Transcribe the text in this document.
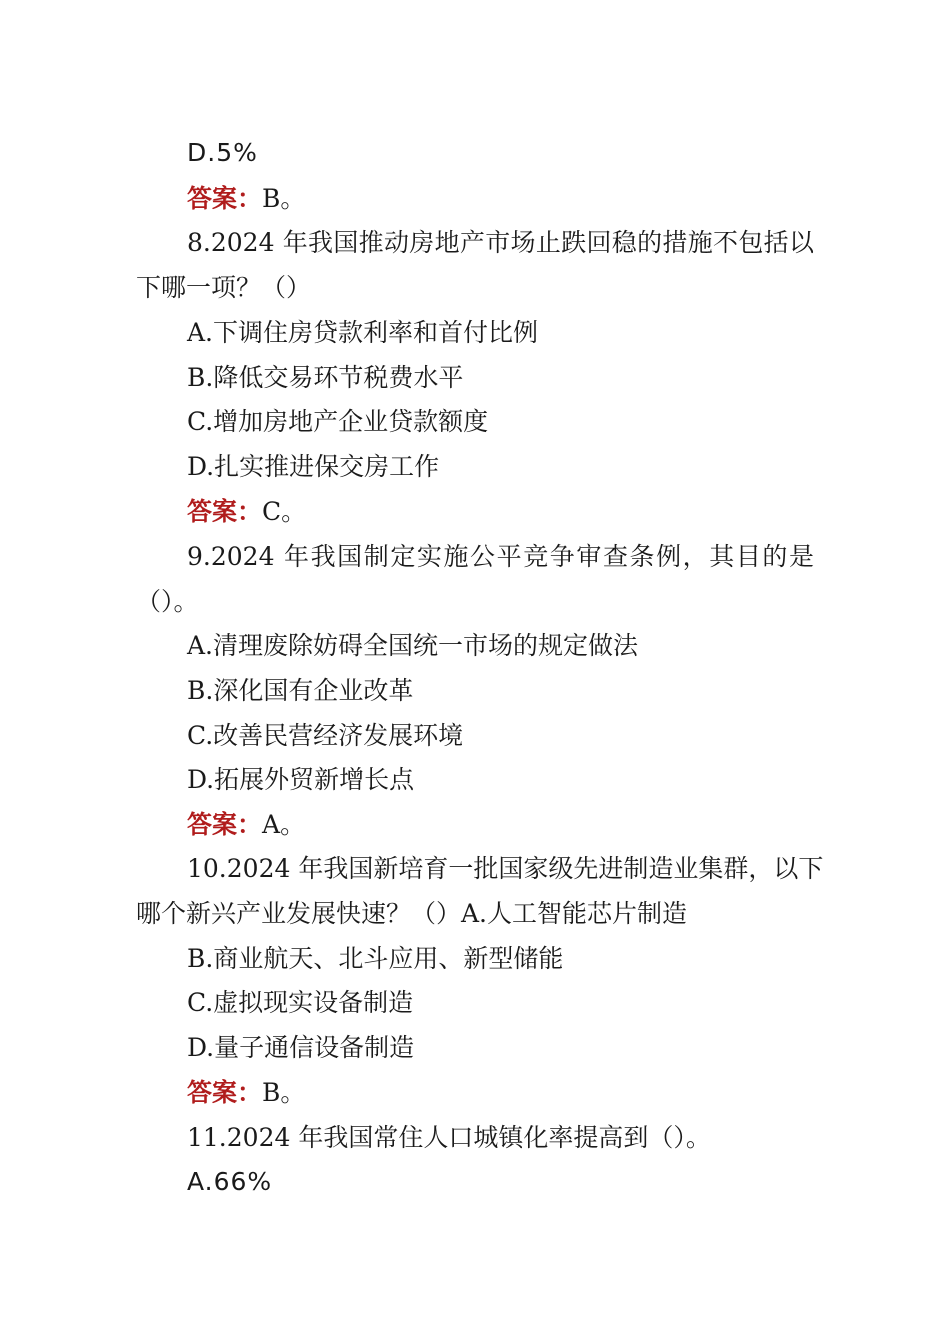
D.5%
答案：B。
8.2024 年我国推动房地产市场止跌回稳的措施不包括以
下哪一项？（）
A.下调住房贷款利率和首付比例
B.降低交易环节税费水平
C.增加房地产企业贷款额度
D.扎实推进保交房工作
答案：C。
9.2024 年我国制定实施公平竞争审查条例，其目的是
（）。
A.清理废除妨碍全国统一市场的规定做法
B.深化国有企业改革
C.改善民营经济发展环境
D.拓展外贸新增长点
答案：A。
10.2024 年我国新培育一批国家级先进制造业集群，以下
哪个新兴产业发展快速？（）A.人工智能芯片制造
B.商业航天、北斗应用、新型储能
C.虚拟现实设备制造
D.量子通信设备制造
答案：B。
11.2024 年我国常住人口城镇化率提高到（）。
A.66%
